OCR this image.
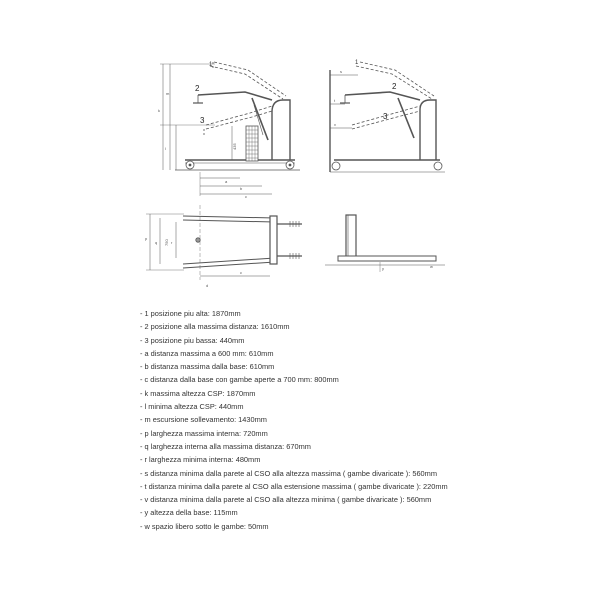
k
m
l
a
b
c
s
t
v
p
q	r
c
d
y	w
1
2
3
1
2
3
435
750
- 1 posizione piu alta: 1870mm
- 2 posizione alla massima distanza: 1610mm
- 3 posizione piu bassa: 440mm
- a distanza massima a 600 mm: 610mm
- b distanza massima dalla base: 610mm
- c distanza dalla base con gambe aperte a 700 mm: 800mm
- k massima altezza CSP: 1870mm
- l minima altezza CSP: 440mm
- m escursione sollevamento: 1430mm
- p larghezza massima interna: 720mm
- q larghezza interna alla massima distanza: 670mm
- r larghezza minima interna: 480mm
- s distanza minima dalla parete al CSO alla altezza massima ( gambe divaricate ): 560mm
- t distanza minima dalla parete al CSO alla estensione massima ( gambe divaricate ): 220mm
- v distanza minima dalla parete al CSO alla altezza minima ( gambe divaricate ): 560mm
- y altezza della base: 115mm
- w spazio libero sotto le gambe: 50mm
